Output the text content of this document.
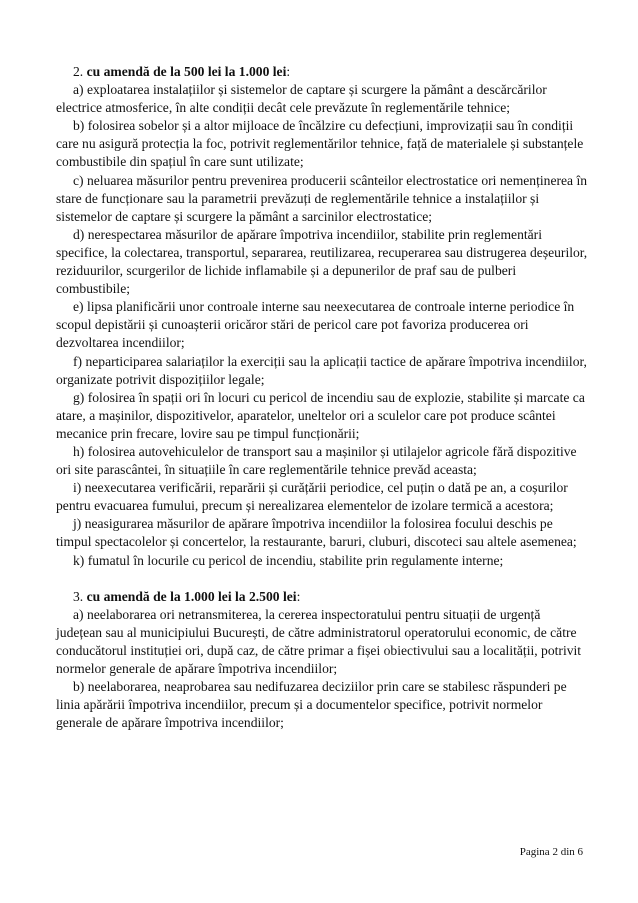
2. cu amendă de la 500 lei la 1.000 lei:

a) exploatarea instalațiilor și sistemelor de captare și scurgere la pământ a descărcărilor electrice atmosferice, în alte condiții decât cele prevăzute în reglementările tehnice;

b) folosirea sobelor și a altor mijloace de încălzire cu defecțiuni, improvizații sau în condiții care nu asigură protecția la foc, potrivit reglementărilor tehnice, față de materialele și substanțele combustibile din spațiul în care sunt utilizate;

c) neluarea măsurilor pentru prevenirea producerii scânteilor electrostatice ori nemenținerea în stare de funcționare sau la parametrii prevăzuți de reglementările tehnice a instalațiilor și sistemelor de captare și scurgere la pământ a sarcinilor electrostatice;

d) nerespectarea măsurilor de apărare împotriva incendiilor, stabilite prin reglementări specifice, la colectarea, transportul, separarea, reutilizarea, recuperarea sau distrugerea deșeurilor, reziduurilor, scurgerilor de lichide inflamabile și a depunerilor de praf sau de pulberi combustibile;

e) lipsa planificării unor controale interne sau neexecutarea de controale interne periodice în scopul depistării și cunoașterii oricăror stări de pericol care pot favoriza producerea ori dezvoltarea incendiilor;

f) neparticiparea salariaților la exerciții sau la aplicații tactice de apărare împotriva incendiilor, organizate potrivit dispozițiilor legale;

g) folosirea în spații ori în locuri cu pericol de incendiu sau de explozie, stabilite și marcate ca atare, a mașinilor, dispozitivelor, aparatelor, uneltelor ori a sculelor care pot produce scântei mecanice prin frecare, lovire sau pe timpul funcționării;

h) folosirea autovehiculelor de transport sau a mașinilor și utilajelor agricole fără dispozitive ori site parascântei, în situațiile în care reglementările tehnice prevăd aceasta;

i) neexecutarea verificării, reparării și curățării periodice, cel puțin o dată pe an, a coșurilor pentru evacuarea fumului, precum și nerealizarea elementelor de izolare termică a acestora;

j) neasigurarea măsurilor de apărare împotriva incendiilor la folosirea focului deschis pe timpul spectacolelor și concertelor, la restaurante, baruri, cluburi, discoteci sau altele asemenea;

k) fumatul în locurile cu pericol de incendiu, stabilite prin regulamente interne;

3. cu amendă de la 1.000 lei la 2.500 lei:

a) neelaborarea ori netransmiterea, la cererea inspectoratului pentru situații de urgență județean sau al municipiului București, de către administratorul operatorului economic, de către conducătorul instituției ori, după caz, de către primar a fișei obiectivului sau a localității, potrivit normelor generale de apărare împotriva incendiilor;

b) neelaborarea, neaprobarea sau nedifuzarea deciziilor prin care se stabilesc răspunderi pe linia apărării împotriva incendiilor, precum și a documentelor specifice, potrivit normelor generale de apărare împotriva incendiilor;

Pagina 2 din 6
